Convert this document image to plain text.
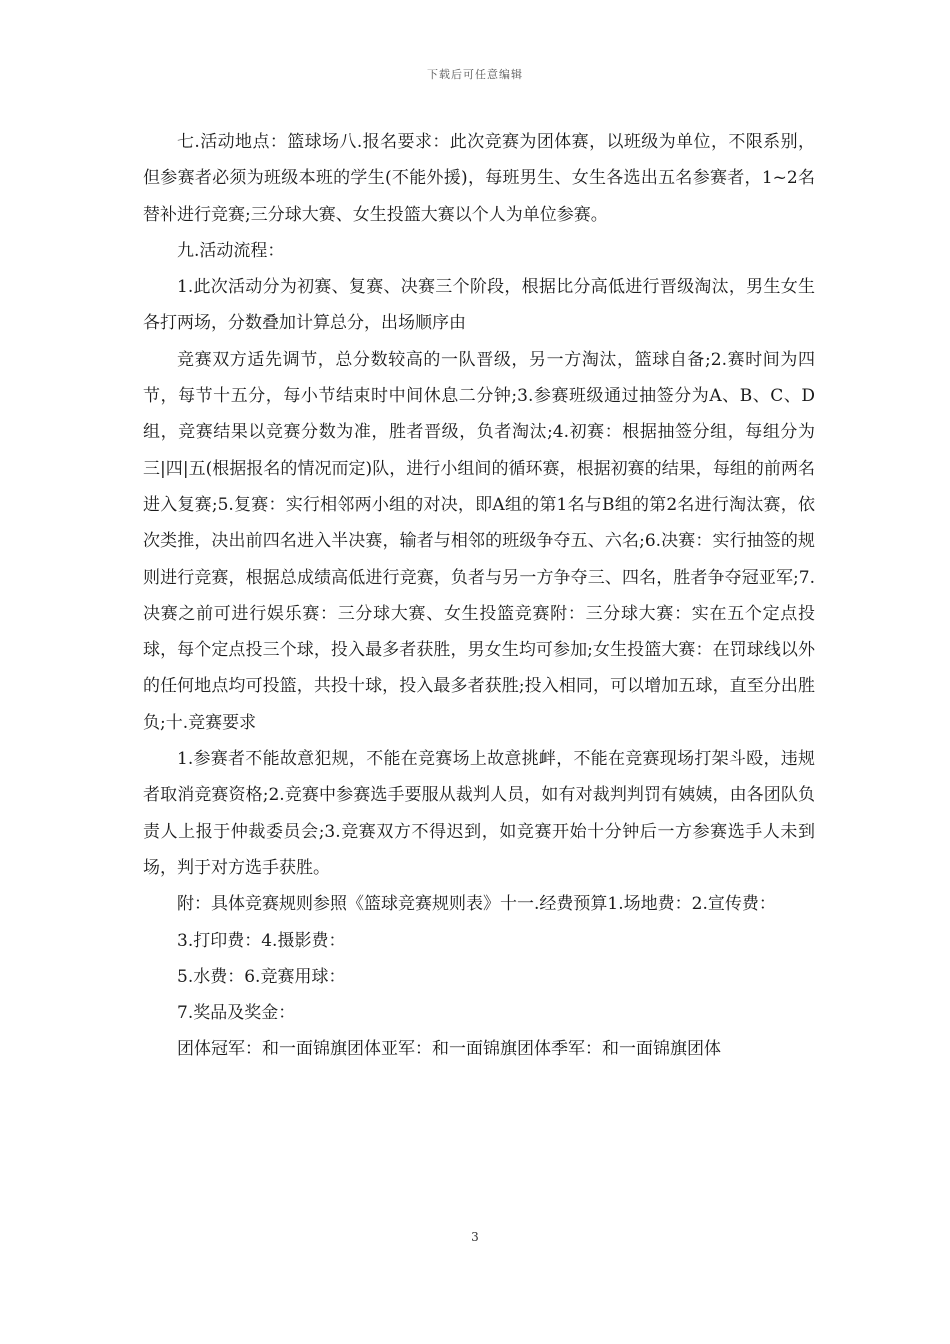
下载后可任意编辑

七.活动地点：篮球场八.报名要求：此次竞赛为团体赛，以班级为单位，不限系别，但参赛者必须为班级本班的学生(不能外援)，每班男生、女生各选出五名参赛者，1~2名替补进行竞赛;三分球大赛、女生投篮大赛以个人为单位参赛。

九.活动流程：

1.此次活动分为初赛、复赛、决赛三个阶段，根据比分高低进行晋级淘汰，男生女生各打两场，分数叠加计算总分，出场顺序由

竞赛双方适先调节，总分数较高的一队晋级，另一方淘汰，篮球自备;2.赛时间为四节，每节十五分，每小节结束时中间休息二分钟;3.参赛班级通过抽签分为A、B、C、D组，竞赛结果以竞赛分数为准，胜者晋级，负者淘汰;4.初赛：根据抽签分组，每组分为三|四|五(根据报名的情况而定)队，进行小组间的循环赛，根据初赛的结果，每组的前两名进入复赛;5.复赛：实行相邻两小组的对决，即A组的第1名与B组的第2名进行淘汰赛，依次类推，决出前四名进入半决赛，输者与相邻的班级争夺五、六名;6.决赛：实行抽签的规则进行竞赛，根据总成绩高低进行竞赛，负者与另一方争夺三、四名，胜者争夺冠亚军;7.决赛之前可进行娱乐赛：三分球大赛、女生投篮竞赛附：三分球大赛：实在五个定点投球，每个定点投三个球，投入最多者获胜，男女生均可参加;女生投篮大赛：在罚球线以外的任何地点均可投篮，共投十球，投入最多者获胜;投入相同，可以增加五球，直至分出胜负;十.竞赛要求

1.参赛者不能故意犯规，不能在竞赛场上故意挑衅，不能在竞赛现场打架斗殴，违规者取消竞赛资格;2.竞赛中参赛选手要服从裁判人员，如有对裁判判罚有姨姨，由各团队负责人上报于仲裁委员会;3.竞赛双方不得迟到，如竞赛开始十分钟后一方参赛选手人未到场，判于对方选手获胜。

附：具体竞赛规则参照《篮球竞赛规则表》十一.经费预算1.场地费：2.宣传费：

3.打印费：4.摄影费：

5.水费：6.竞赛用球：

7.奖品及奖金：

团体冠军：和一面锦旗团体亚军：和一面锦旗团体季军：和一面锦旗团体

3
